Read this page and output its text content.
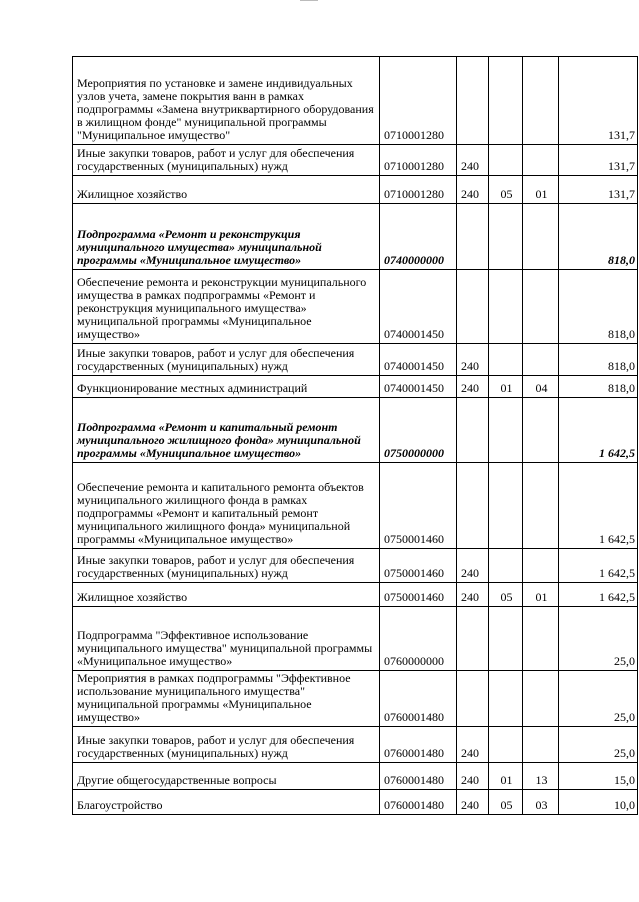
Мероприятия по установке и замене индивидуальных узлов учета, замене покрытия ванн в рамках подпрограммы «Замена внутриквартирного оборудования в жилищном фонде" муниципальной программы "Муниципальное имущество"	0710001280				131,7
Иные закупки товаров, работ и услуг для обеспечения государственных (муниципальных) нужд	0710001280	240			131,7
Жилищное хозяйство	0710001280	240	05	01	131,7
Подпрограмма «Ремонт и реконструкция муниципального имущества» муниципальной программы «Муниципальное имущество»	0740000000				818,0
Обеспечение ремонта и реконструкции муниципального имущества в рамках подпрограммы «Ремонт и реконструкция муниципального имущества» муниципальной программы «Муниципальное имущество»	0740001450				818,0
Иные закупки товаров, работ и услуг для обеспечения государственных (муниципальных) нужд	0740001450	240			818,0
Функционирование местных администраций	0740001450	240	01	04	818,0
Подпрограмма «Ремонт и капитальный ремонт муниципального жилищного фонда» муниципальной программы «Муниципальное имущество»	0750000000				1 642,5
Обеспечение ремонта и капитального ремонта объектов муниципального жилищного фонда в рамках подпрограммы «Ремонт и капитальный ремонт муниципального жилищного фонда» муниципальной программы «Муниципальное имущество»	0750001460				1 642,5
Иные закупки товаров, работ и услуг для обеспечения государственных (муниципальных) нужд	0750001460	240			1 642,5
Жилищное хозяйство	0750001460	240	05	01	1 642,5
Подпрограмма "Эффективное использование муниципального имущества" муниципальной программы «Муниципальное имущество»	0760000000				25,0
Мероприятия в рамках подпрограммы "Эффективное использование муниципального имущества" муниципальной программы «Муниципальное имущество»	0760001480				25,0
Иные закупки товаров, работ и услуг для обеспечения государственных (муниципальных) нужд	0760001480	240			25,0
Другие общегосударственные вопросы	0760001480	240	01	13	15,0
Благоустройство	0760001480	240	05	03	10,0
